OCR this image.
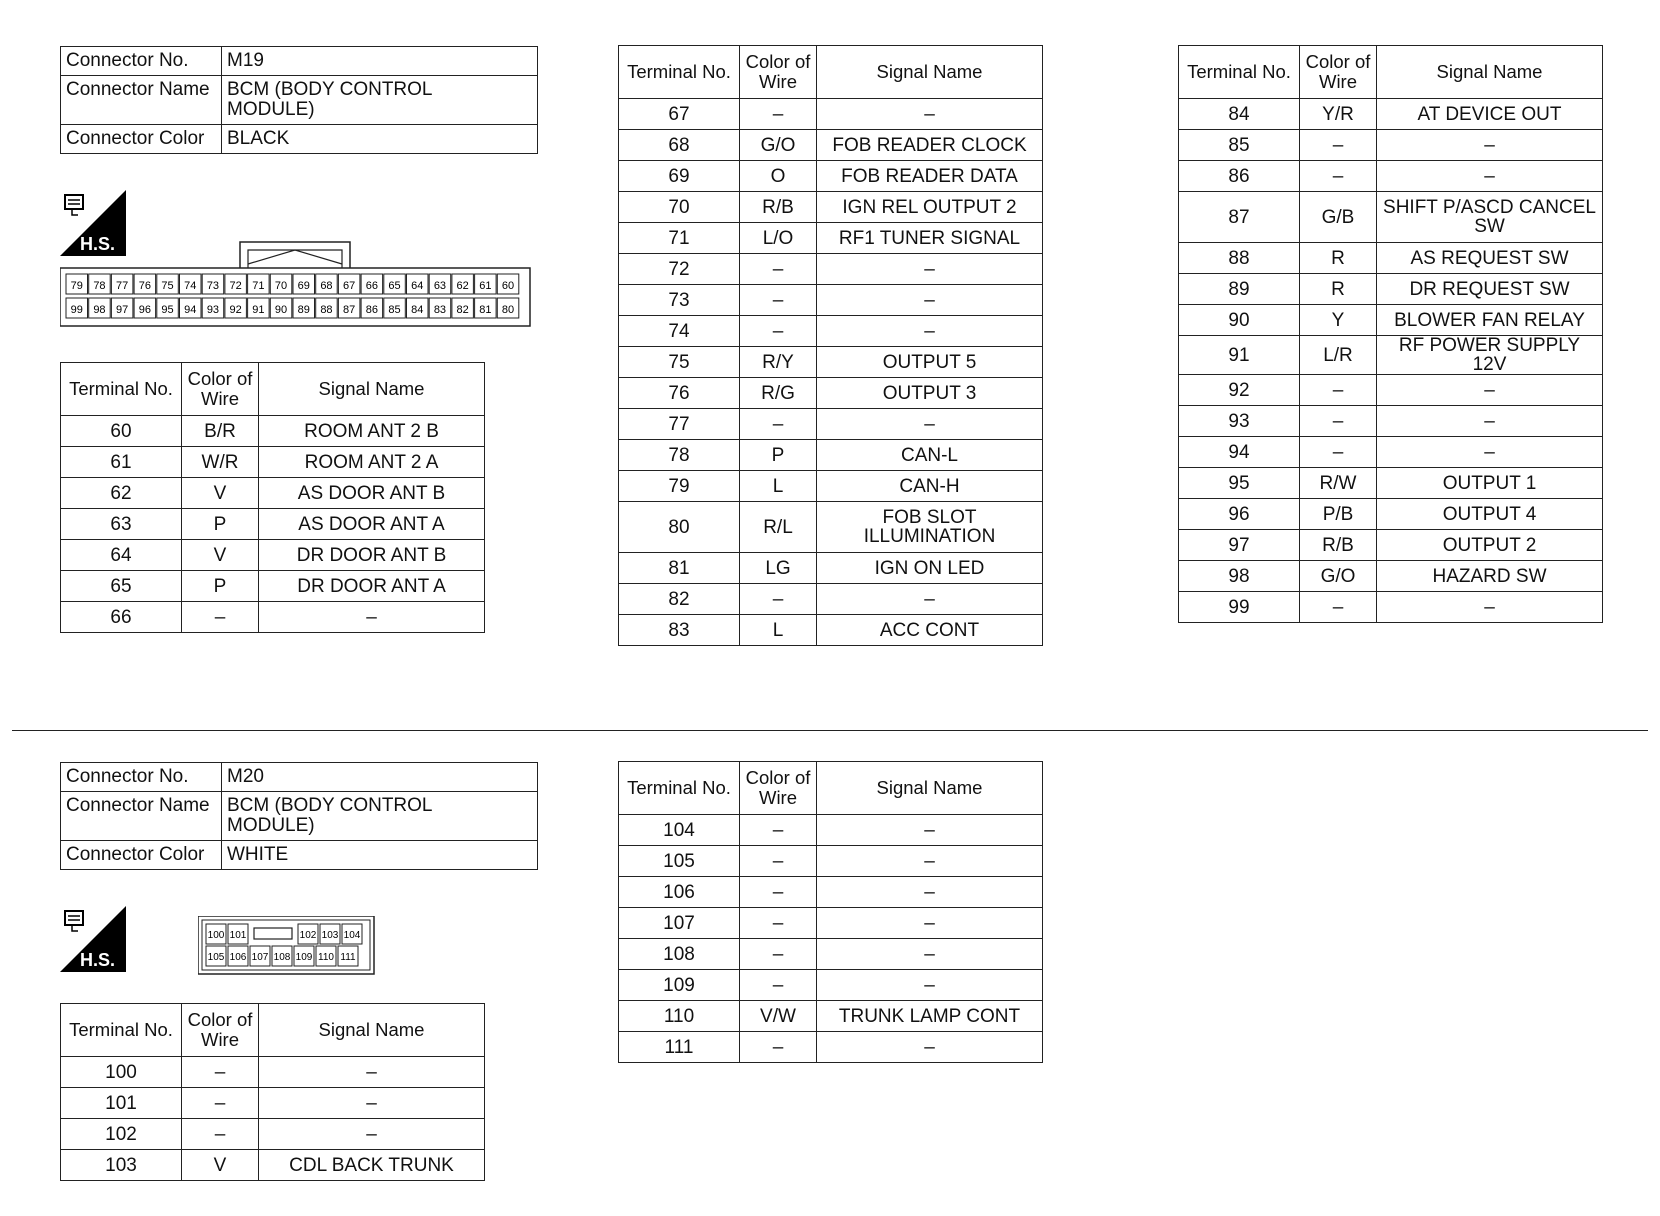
Connector No.	M19
Connector Name	BCM (BODY CONTROL MODULE)
Connector Color	BLACK
H.S.
79 78 77 76 75 74 73 72 71 70 69 68 67 66 65 64 63 62 61 60
99 98 97 96 95 94 93 92 91 90 89 88 87 86 85 84 83 82 81 80
Terminal No.	Color of Wire	Signal Name
60	B/R	ROOM ANT 2 B
61	W/R	ROOM ANT 2 A
62	V	AS DOOR ANT B
63	P	AS DOOR ANT A
64	V	DR DOOR ANT B
65	P	DR DOOR ANT A
66	–	–
Terminal No.	Color of Wire	Signal Name
67	–	–
68	G/O	FOB READER CLOCK
69	O	FOB READER DATA
70	R/B	IGN REL OUTPUT 2
71	L/O	RF1 TUNER SIGNAL
72	–	–
73	–	–
74	–	–
75	R/Y	OUTPUT 5
76	R/G	OUTPUT 3
77	–	–
78	P	CAN-L
79	L	CAN-H
80	R/L	FOB SLOT ILLUMINATION
81	LG	IGN ON LED
82	–	–
83	L	ACC CONT
Terminal No.	Color of Wire	Signal Name
84	Y/R	AT DEVICE OUT
85	–	–
86	–	–
87	G/B	SHIFT P/ASCD CANCEL SW
88	R	AS REQUEST SW
89	R	DR REQUEST SW
90	Y	BLOWER FAN RELAY
91	L/R	RF POWER SUPPLY 12V
92	–	–
93	–	–
94	–	–
95	R/W	OUTPUT 1
96	P/B	OUTPUT 4
97	R/B	OUTPUT 2
98	G/O	HAZARD SW
99	–	–
Connector No.	M20
Connector Name	BCM (BODY CONTROL MODULE)
Connector Color	WHITE
H.S.
100 101	102 103 104
105 106 107 108 109 110 111
Terminal No.	Color of Wire	Signal Name
100	–	–
101	–	–
102	–	–
103	V	CDL BACK TRUNK
Terminal No.	Color of Wire	Signal Name
104	–	–
105	–	–
106	–	–
107	–	–
108	–	–
109	–	–
110	V/W	TRUNK LAMP CONT
111	–	–
